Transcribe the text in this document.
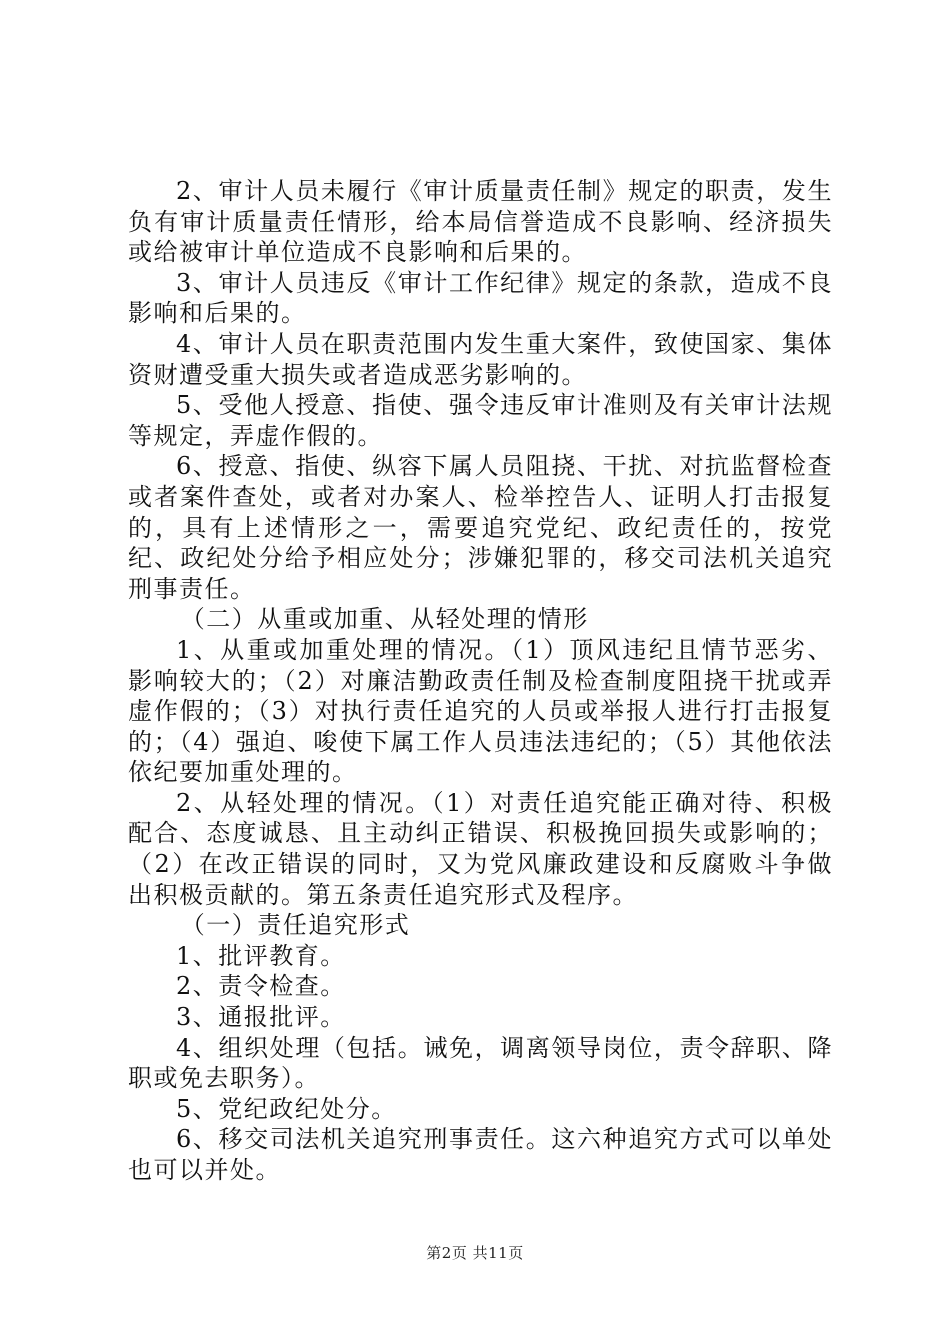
2、审计人员未履行《审计质量责任制》规定的职责，发生负有审计质量责任情形，给本局信誉造成不良影响、经济损失或给被审计单位造成不良影响和后果的。

3、审计人员违反《审计工作纪律》规定的条款，造成不良影响和后果的。

4、审计人员在职责范围内发生重大案件，致使国家、集体资财遭受重大损失或者造成恶劣影响的。

5、受他人授意、指使、强令违反审计准则及有关审计法规等规定，弄虚作假的。

6、授意、指使、纵容下属人员阻挠、干扰、对抗监督检查或者案件查处，或者对办案人、检举控告人、证明人打击报复的，具有上述情形之一，需要追究党纪、政纪责任的，按党纪、政纪处分给予相应处分；涉嫌犯罪的，移交司法机关追究刑事责任。

（二）从重或加重、从轻处理的情形

1、从重或加重处理的情况。（1）顶风违纪且情节恶劣、影响较大的；（2）对廉洁勤政责任制及检查制度阻挠干扰或弄虚作假的；（3）对执行责任追究的人员或举报人进行打击报复的；（4）强迫、唆使下属工作人员违法违纪的；（5）其他依法依纪要加重处理的。

2、从轻处理的情况。（1）对责任追究能正确对待、积极配合、态度诚恳、且主动纠正错误、积极挽回损失或影响的；（2）在改正错误的同时，又为党风廉政建设和反腐败斗争做出积极贡献的。第五条责任追究形式及程序。

（一）责任追究形式

1、批评教育。

2、责令检查。

3、通报批评。

4、组织处理（包括。诫免，调离领导岗位，责令辞职、降职或免去职务）。

5、党纪政纪处分。

6、移交司法机关追究刑事责任。这六种追究方式可以单处也可以并处。

第2页 共11页
